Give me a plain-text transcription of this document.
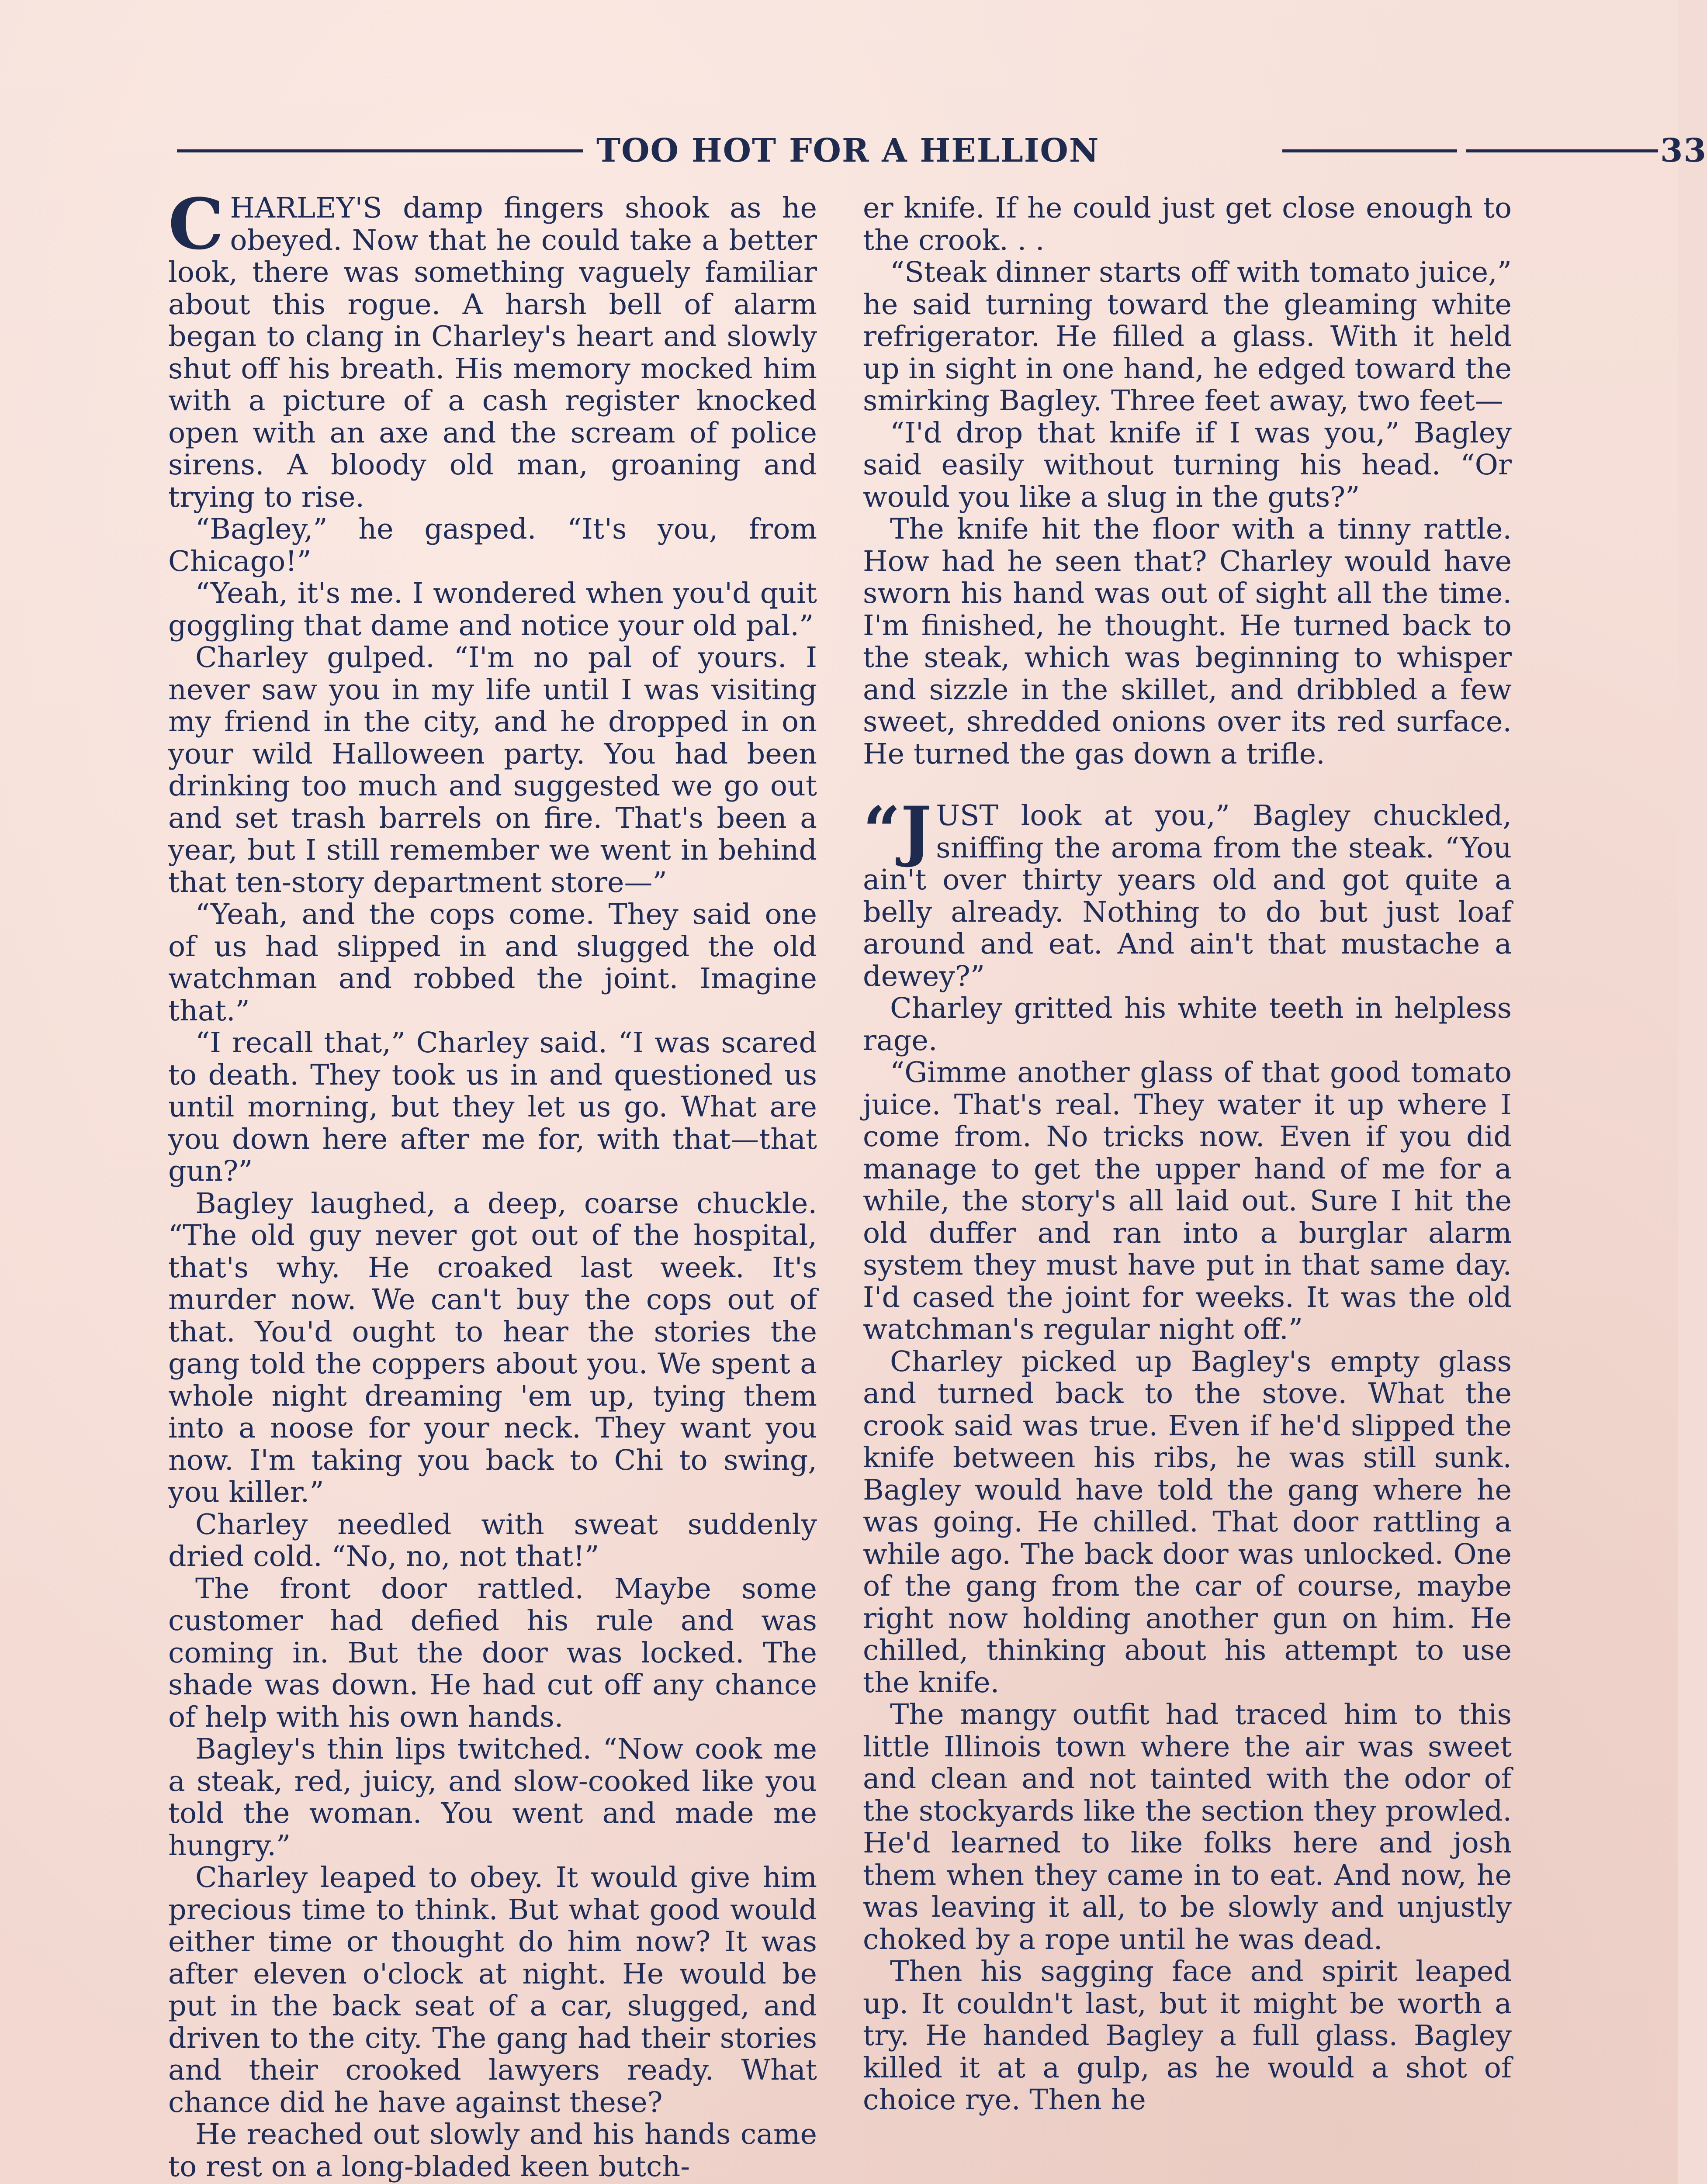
TOO HOT FOR A HELLION	33

CHARLEY'S damp fingers shook as he obeyed. Now that he could take a better look, there was something vaguely familiar about this rogue. A harsh bell of alarm began to clang in Charley's heart and slowly shut off his breath. His memory mocked him with a picture of a cash register knocked open with an axe and the scream of police sirens. A bloody old man, groaning and trying to rise.

“Bagley,” he gasped. “It's you, from Chicago!”

“Yeah, it's me. I wondered when you'd quit goggling that dame and notice your old pal.”

Charley gulped. “I'm no pal of yours. I never saw you in my life until I was visiting my friend in the city, and he dropped in on your wild Halloween party. You had been drinking too much and suggested we go out and set trash barrels on fire. That's been a year, but I still remember we went in behind that ten-story department store—”

“Yeah, and the cops come. They said one of us had slipped in and slugged the old watchman and robbed the joint. Imagine that.”

“I recall that,” Charley said. “I was scared to death. They took us in and questioned us until morning, but they let us go. What are you down here after me for, with that—that gun?”

Bagley laughed, a deep, coarse chuckle. “The old guy never got out of the hospital, that's why. He croaked last week. It's murder now. We can't buy the cops out of that. You'd ought to hear the stories the gang told the coppers about you. We spent a whole night dreaming 'em up, tying them into a noose for your neck. They want you now. I'm taking you back to Chi to swing, you killer.”

Charley needled with sweat suddenly dried cold. “No, no, not that!”

The front door rattled. Maybe some customer had defied his rule and was coming in. But the door was locked. The shade was down. He had cut off any chance of help with his own hands.

Bagley's thin lips twitched. “Now cook me a steak, red, juicy, and slow-cooked like you told the woman. You went and made me hungry.”

Charley leaped to obey. It would give him precious time to think. But what good would either time or thought do him now? It was after eleven o'clock at night. He would be put in the back seat of a car, slugged, and driven to the city. The gang had their stories and their crooked lawyers ready. What chance did he have against these?

He reached out slowly and his hands came to rest on a long-bladed keen butch-

er knife. If he could just get close enough to the crook. . .

“Steak dinner starts off with tomato juice,” he said turning toward the gleaming white refrigerator. He filled a glass. With it held up in sight in one hand, he edged toward the smirking Bagley. Three feet away, two feet—

“I'd drop that knife if I was you,” Bagley said easily without turning his head. “Or would you like a slug in the guts?”

The knife hit the floor with a tinny rattle. How had he seen that? Charley would have sworn his hand was out of sight all the time. I'm finished, he thought. He turned back to the steak, which was beginning to whisper and sizzle in the skillet, and dribbled a few sweet, shredded onions over its red surface. He turned the gas down a trifle.

“JUST look at you,” Bagley chuckled, sniffing the aroma from the steak. “You ain't over thirty years old and got quite a belly already. Nothing to do but just loaf around and eat. And ain't that mustache a dewey?”

Charley gritted his white teeth in helpless rage.

“Gimme another glass of that good tomato juice. That's real. They water it up where I come from. No tricks now. Even if you did manage to get the upper hand of me for a while, the story's all laid out. Sure I hit the old duffer and ran into a burglar alarm system they must have put in that same day. I'd cased the joint for weeks. It was the old watchman's regular night off.”

Charley picked up Bagley's empty glass and turned back to the stove. What the crook said was true. Even if he'd slipped the knife between his ribs, he was still sunk. Bagley would have told the gang where he was going. He chilled. That door rattling a while ago. The back door was unlocked. One of the gang from the car of course, maybe right now holding another gun on him. He chilled, thinking about his attempt to use the knife.

The mangy outfit had traced him to this little Illinois town where the air was sweet and clean and not tainted with the odor of the stockyards like the section they prowled. He'd learned to like folks here and josh them when they came in to eat. And now, he was leaving it all, to be slowly and unjustly choked by a rope until he was dead.

Then his sagging face and spirit leaped up. It couldn't last, but it might be worth a try. He handed Bagley a full glass. Bagley killed it at a gulp, as he would a shot of choice rye. Then he
